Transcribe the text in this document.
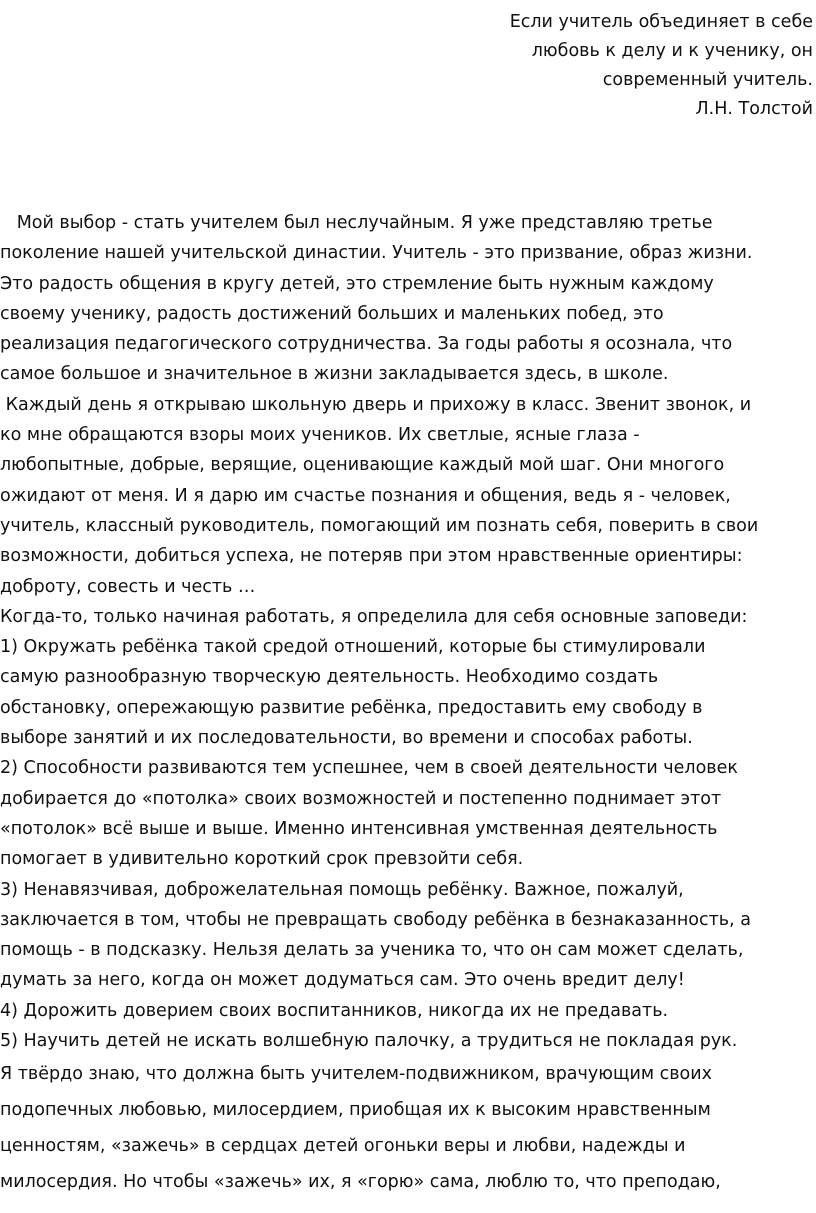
Если учитель объединяет в себе
любовь к делу и к ученику, он
современный учитель.
Л.Н. Толстой
Мой выбор - стать учителем был неслучайным. Я уже представляю третье
поколение нашей учительской династии. Учитель - это призвание, образ жизни.
Это радость общения в кругу детей, это стремление быть нужным каждому
своему ученику, радость достижений больших и маленьких побед, это
реализация педагогического сотрудничества. За годы работы я осознала, что
самое большое и значительное в жизни закладывается здесь, в школе.
Каждый день я открываю школьную дверь и прихожу в класс. Звенит звонок, и
ко мне обращаются взоры моих учеников. Их светлые, ясные глаза -
любопытные, добрые, верящие, оценивающие каждый мой шаг. Они многого
ожидают от меня. И я дарю им счастье познания и общения, ведь я - человек,
учитель, классный руководитель, помогающий им познать себя, поверить в свои
возможности, добиться успеха, не потеряв при этом нравственные ориентиры:
доброту, совесть и честь …
Когда-то, только начиная работать, я определила для себя основные заповеди:
1) Окружать ребёнка такой средой отношений, которые бы стимулировали
самую разнообразную творческую деятельность. Необходимо создать
обстановку, опережающую развитие ребёнка, предоставить ему свободу в
выборе занятий и их последовательности, во времени и способах работы.
2) Способности развиваются тем успешнее, чем в своей деятельности человек
добирается до «потолка» своих возможностей и постепенно поднимает этот
«потолок» всё выше и выше. Именно интенсивная умственная деятельность
помогает в удивительно короткий срок превзойти себя.
3) Ненавязчивая, доброжелательная помощь ребёнку. Важное, пожалуй,
заключается в том, чтобы не превращать свободу ребёнка в безнаказанность, а
помощь - в подсказку. Нельзя делать за ученика то, что он сам может сделать,
думать за него, когда он может додуматься сам. Это очень вредит делу!
4) Дорожить доверием своих воспитанников, никогда их не предавать.
5) Научить детей не искать волшебную палочку, а трудиться не покладая рук.
Я твёрдо знаю, что должна быть учителем-подвижником, врачующим своих
подопечных любовью, милосердием, приобщая их к высоким нравственным
ценностям, «зажечь» в сердцах детей огоньки веры и любви, надежды и
милосердия. Но чтобы «зажечь» их, я «горю» сама, люблю то, что преподаю,
